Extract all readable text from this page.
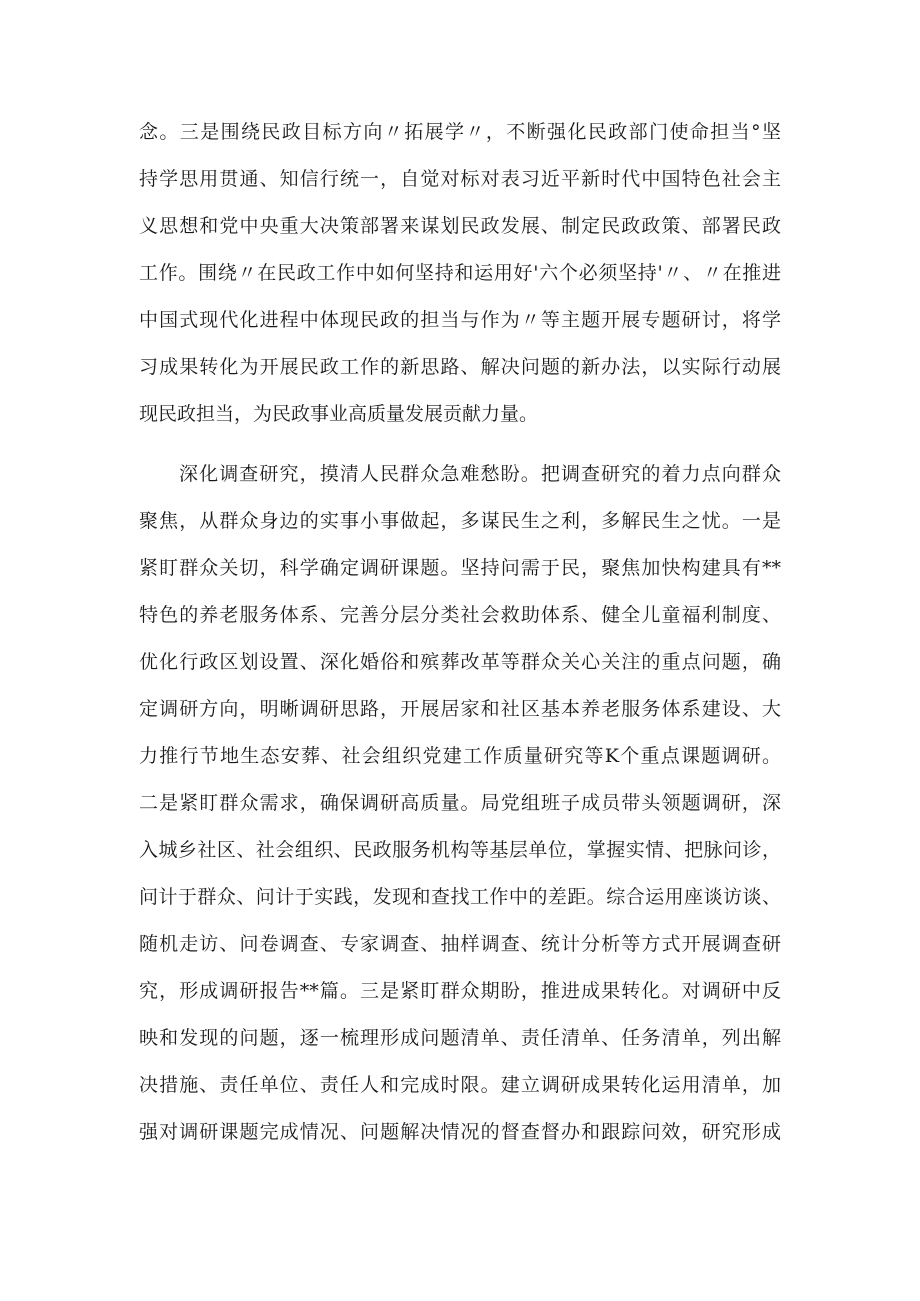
念。三是围绕民政目标方向〃拓展学〃，不断强化民政部门使命担当°坚
持学思用贯通、知信行统一，自觉对标对表习近平新时代中国特色社会主
义思想和党中央重大决策部署来谋划民政发展、制定民政政策、部署民政
工作。围绕〃在民政工作中如何坚持和运用好'六个必须坚持'〃、〃在推进
中国式现代化进程中体现民政的担当与作为〃等主题开展专题研讨，将学
习成果转化为开展民政工作的新思路、解决问题的新办法，以实际行动展
现民政担当，为民政事业高质量发展贡献力量。
深化调查研究，摸清人民群众急难愁盼。把调查研究的着力点向群众
聚焦，从群众身边的实事小事做起，多谋民生之利，多解民生之忧。一是
紧盯群众关切，科学确定调研课题。坚持问需于民，聚焦加快构建具有**
特色的养老服务体系、完善分层分类社会救助体系、健全儿童福利制度、
优化行政区划设置、深化婚俗和殡葬改革等群众关心关注的重点问题，确
定调研方向，明晰调研思路，开展居家和社区基本养老服务体系建设、大
力推行节地生态安葬、社会组织党建工作质量研究等K个重点课题调研。
二是紧盯群众需求，确保调研高质量。局党组班子成员带头领题调研，深
入城乡社区、社会组织、民政服务机构等基层单位，掌握实情、把脉问诊，
问计于群众、问计于实践，发现和查找工作中的差距。综合运用座谈访谈、
随机走访、问卷调查、专家调查、抽样调查、统计分析等方式开展调查研
究，形成调研报告**篇。三是紧盯群众期盼，推进成果转化。对调研中反
映和发现的问题，逐一梳理形成问题清单、责任清单、任务清单，列出解
决措施、责任单位、责任人和完成时限。建立调研成果转化运用清单，加
强对调研课题完成情况、问题解决情况的督查督办和跟踪问效，研究形成
